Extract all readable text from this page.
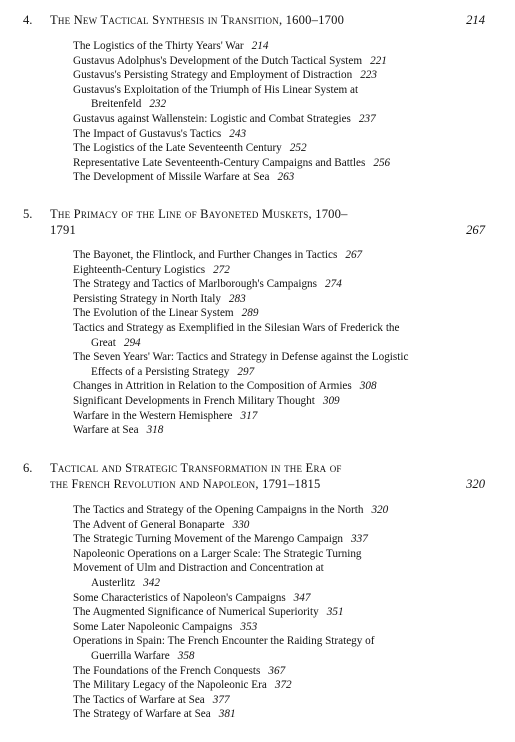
4. The New Tactical Synthesis in Transition, 1600–1700	214
The Logistics of the Thirty Years' War 214
Gustavus Adolphus's Development of the Dutch Tactical System 221
Gustavus's Persisting Strategy and Employment of Distraction 223
Gustavus's Exploitation of the Triumph of His Linear System at
Breitenfeld 232
Gustavus against Wallenstein: Logistic and Combat Strategies 237
The Impact of Gustavus's Tactics 243
The Logistics of the Late Seventeenth Century 252
Representative Late Seventeenth-Century Campaigns and Battles 256
The Development of Missile Warfare at Sea 263
5. The Primacy of the Line of Bayoneted Muskets, 1700–
1791	267
The Bayonet, the Flintlock, and Further Changes in Tactics 267
Eighteenth-Century Logistics 272
The Strategy and Tactics of Marlborough's Campaigns 274
Persisting Strategy in North Italy 283
The Evolution of the Linear System 289
Tactics and Strategy as Exemplified in the Silesian Wars of Frederick the
Great 294
The Seven Years' War: Tactics and Strategy in Defense against the Logistic
Effects of a Persisting Strategy 297
Changes in Attrition in Relation to the Composition of Armies 308
Significant Developments in French Military Thought 309
Warfare in the Western Hemisphere 317
Warfare at Sea 318
6. Tactical and Strategic Transformation in the Era of
the French Revolution and Napoleon, 1791–1815	320
The Tactics and Strategy of the Opening Campaigns in the North 320
The Advent of General Bonaparte 330
The Strategic Turning Movement of the Marengo Campaign 337
Napoleonic Operations on a Larger Scale: The Strategic Turning
Movement of Ulm and Distraction and Concentration at
Austerlitz 342
Some Characteristics of Napoleon's Campaigns 347
The Augmented Significance of Numerical Superiority 351
Some Later Napoleonic Campaigns 353
Operations in Spain: The French Encounter the Raiding Strategy of
Guerrilla Warfare 358
The Foundations of the French Conquests 367
The Military Legacy of the Napoleonic Era 372
The Tactics of Warfare at Sea 377
The Strategy of Warfare at Sea 381
